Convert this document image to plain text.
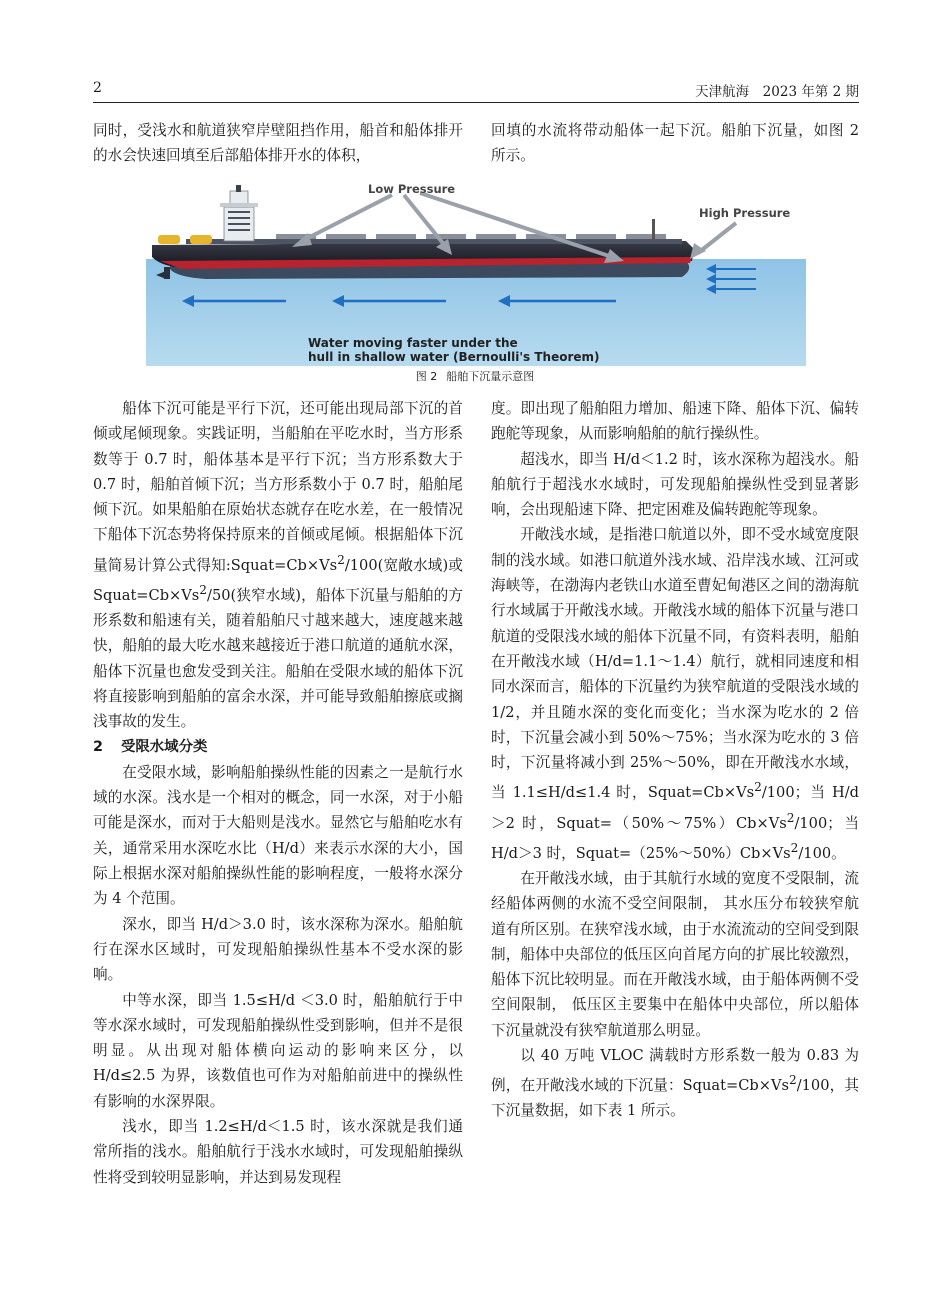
2	天津航海　2023 年第 2 期

同时，受浅水和航道狭窄岸壁阻挡作用，船首和船体排开的水会快速回填至后部船体排开水的体积，

回填的水流将带动船体一起下沉。船舶下沉量，如图 2 所示。

Low Pressure
High Pressure
Water moving faster under the
hull in shallow water (Bernoulli's Theorem)
图 2 船舶下沉量示意图

船体下沉可能是平行下沉，还可能出现局部下沉的首倾或尾倾现象。实践证明，当船舶在平吃水时，当方形系数等于 0.7 时，船体基本是平行下沉；当方形系数大于 0.7 时，船舶首倾下沉；当方形系数小于 0.7 时，船舶尾倾下沉。如果船舶在原始状态就存在吃水差，在一般情况下船体下沉态势将保持原来的首倾或尾倾。根据船体下沉量简易计算公式得知$:Squat=Cb\times Vs^2/100$(宽敞水域)或 $Squat=Cb\times Vs^2/50$(狭窄水域)，船体下沉量与船舶的方形系数和船速有关，随着船舶尺寸越来越大，速度越来越快，船舶的最大吃水越来越接近于港口航道的通航水深，船体下沉量也愈发受到关注。船舶在受限水域的船体下沉将直接影响到船舶的富余水深，并可能导致船舶擦底或搁浅事故的发生。

2 受限水域分类

在受限水域，影响船舶操纵性能的因素之一是航行水域的水深。浅水是一个相对的概念，同一水深，对于小船可能是深水，而对于大船则是浅水。显然它与船舶吃水有关，通常采用水深吃水比（H/d）来表示水深的大小，国际上根据水深对船舶操纵性能的影响程度，一般将水深分为 4 个范围。

深水，即当 H/d＞3.0 时，该水深称为深水。船舶航行在深水区域时，可发现船舶操纵性基本不受水深的影响。

中等水深，即当 1.5≤H/d ＜3.0 时，船舶航行于中等水深水域时，可发现船舶操纵性受到影响，但并不是很明显。从出现对船体横向运动的影响来区分，以 H/d≤2.5 为界，该数值也可作为对船舶前进中的操纵性有影响的水深界限。

浅水，即当 1.2≤H/d＜1.5 时，该水深就是我们通常所指的浅水。船舶航行于浅水水域时，可发现船舶操纵性将受到较明显影响，并达到易发现程

度。即出现了船舶阻力增加、船速下降、船体下沉、偏转跑舵等现象，从而影响船舶的航行操纵性。

超浅水，即当 H/d＜1.2 时，该水深称为超浅水。船舶航行于超浅水水域时，可发现船舶操纵性受到显著影响，会出现船速下降、把定困难及偏转跑舵等现象。

开敞浅水域，是指港口航道以外，即不受水域宽度限制的浅水域。如港口航道外浅水域、沿岸浅水域、江河或海峡等，在渤海内老铁山水道至曹妃甸港区之间的渤海航行水域属于开敞浅水域。开敞浅水域的船体下沉量与港口航道的受限浅水域的船体下沉量不同，有资料表明，船舶在开敞浅水域（H/d=1.1～1.4）航行，就相同速度和相同水深而言，船体的下沉量约为狭窄航道的受限浅水域的 1/2，并且随水深的变化而变化；当水深为吃水的 2 倍时，下沉量会减小到 50%～75%；当水深为吃水的 3 倍时，下沉量将减小到 25%～50%，即在开敞浅水水域，当 1.1≤H/d≤1.4 时，$Squat=Cb\times Vs^2/100$；当 H/d＞2 时，$Squat=(50\%\sim 75\%)Cb\times Vs^2/100$；当 H/d＞3 时，$Squat=(25\%\sim 50\%)Cb\times Vs^2/100$。

在开敞浅水域，由于其航行水域的宽度不受限制，流经船体两侧的水流不受空间限制， 其水压分布较狭窄航道有所区别。在狭窄浅水域，由于水流流动的空间受到限制，船体中央部位的低压区向首尾方向的扩展比较激烈，船体下沉比较明显。而在开敞浅水域，由于船体两侧不受空间限制， 低压区主要集中在船体中央部位，所以船体下沉量就没有狭窄航道那么明显。

以 40 万吨 VLOC 满载时方形系数一般为 0.83 为例，在开敞浅水域的下沉量：$Squat=Cb\times Vs^2/100$，其下沉量数据，如下表 1 所示。
